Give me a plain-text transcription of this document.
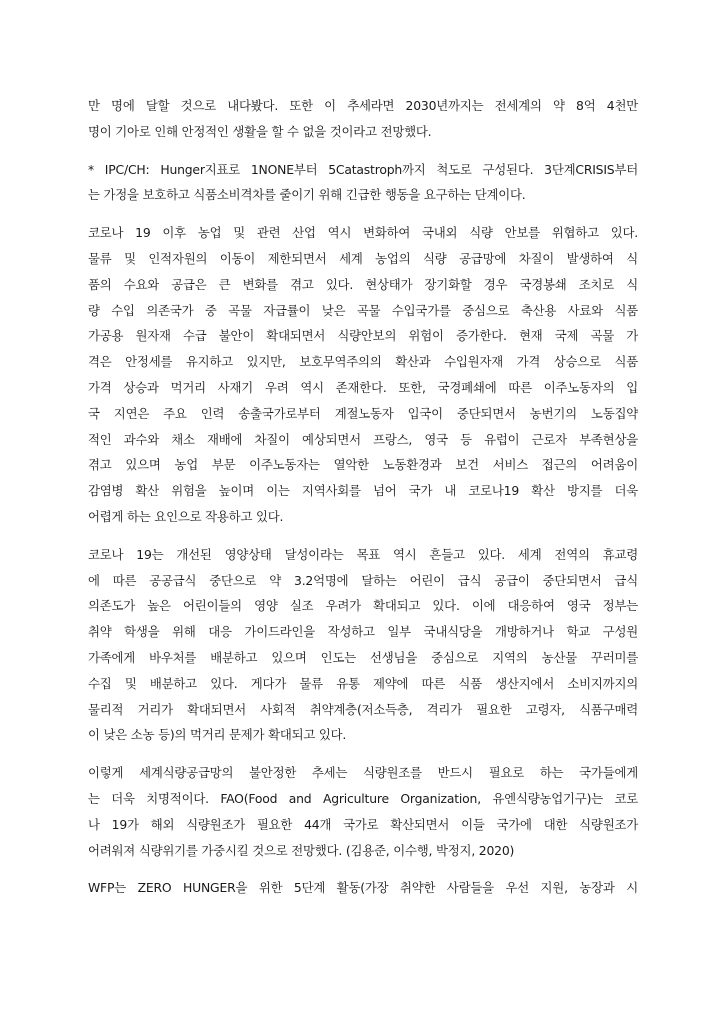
만 명에 달할 것으로 내다봤다. 또한 이 추세라면 2030년까지는 전세계의 약 8억 4천만
명이 기아로 인해 안정적인 생활을 할 수 없을 것이라고 전망했다.

* IPC/CH: Hunger지표로 1NONE부터 5Catastroph까지 척도로 구성된다. 3단계CRISIS부터
는 가정을 보호하고 식품소비격차를 줄이기 위해 긴급한 행동을 요구하는 단계이다.

코로나 19 이후 농업 및 관련 산업 역시 변화하여 국내외 식량 안보를 위협하고 있다.
물류 및 인적자원의 이동이 제한되면서 세계 농업의 식량 공급망에 차질이 발생하여 식
품의 수요와 공급은 큰 변화를 겪고 있다. 현상태가 장기화할 경우 국경봉쇄 조치로 식
량 수입 의존국가 중 곡물 자급률이 낮은 곡물 수입국가를 중심으로 축산용 사료와 식품
가공용 원자재 수급 불안이 확대되면서 식량안보의 위험이 증가한다. 현재 국제 곡물 가
격은 안정세를 유지하고 있지만, 보호무역주의의 확산과 수입원자재 가격 상승으로 식품
가격 상승과 먹거리 사재기 우려 역시 존재한다. 또한, 국경폐쇄에 따른 이주노동자의 입
국 지연은 주요 인력 송출국가로부터 계절노동자 입국이 중단되면서 농번기의 노동집약
적인 과수와 채소 재배에 차질이 예상되면서 프랑스, 영국 등 유럽이 근로자 부족현상을
겪고 있으며 농업 부문 이주노동자는 열악한 노동환경과 보건 서비스 접근의 어려움이
감염병 확산 위험을 높이며 이는 지역사회를 넘어 국가 내 코로나19 확산 방지를 더욱
어렵게 하는 요인으로 작용하고 있다.

코로나 19는 개선된 영양상태 달성이라는 목표 역시 흔들고 있다. 세계 전역의 휴교령
에 따른 공공급식 중단으로 약 3.2억명에 달하는 어린이 급식 공급이 중단되면서 급식
의존도가 높은 어린이들의 영양 실조 우려가 확대되고 있다. 이에 대응하여 영국 정부는
취약 학생을 위해 대응 가이드라인을 작성하고 일부 국내식당을 개방하거나 학교 구성원
가족에게 바우처를 배분하고 있으며 인도는 선생님을 중심으로 지역의 농산물 꾸러미를
수집 및 배분하고 있다. 게다가 물류 유통 제약에 따른 식품 생산지에서 소비지까지의
물리적 거리가 확대되면서 사회적 취약계층(저소득층, 격리가 필요한 고령자, 식품구매력
이 낮은 소농 등)의 먹거리 문제가 확대되고 있다.

이렇게 세계식량공급망의 불안정한 추세는 식량원조를 반드시 필요로 하는 국가들에게
는 더욱 치명적이다. FAO(Food and Agriculture Organization, 유엔식량농업기구)는 코로
나 19가 해외 식량원조가 필요한 44개 국가로 확산되면서 이들 국가에 대한 식량원조가
어려워져 식량위기를 가중시킬 것으로 전망했다. (김용준, 이수행, 박정지, 2020)

WFP는 ZERO HUNGER을 위한 5단계 활동(가장 취약한 사람들을 우선 지원, 농장과 시
